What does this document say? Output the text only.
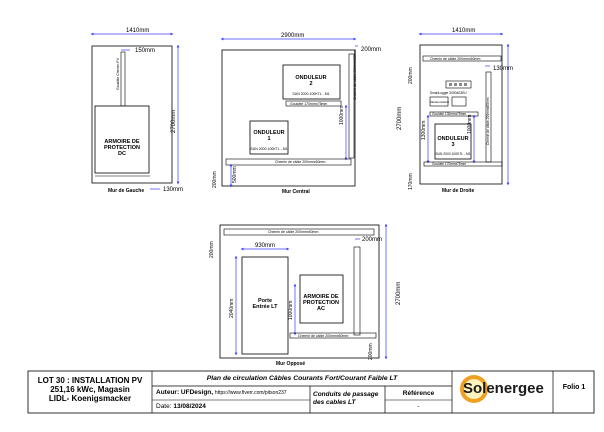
1410mm
150mm
Goulotte Chemin PV
ARMOIRE DE
PROTECTION
DC
2700mm
130mm
Mur de Gauche
2900mm
200mm
Chemin de câble 200mmx60mm
ONDULEUR
2
SUN 2000 100KTL - M1
Goulotte 170mmx75mm
1000mm
ONDULEUR
1
SUN 2000 100KTL - M1
Chemin de câble 200mmx60mm
500mm
200mm
Mur Central
1410mm
Chemin de câble 200mmx60mm
130mm
200mm
SmartLogger 3000A03EU
Modem/switch
Goulotte 130mmx75mm
1300mm ONDULEUR
3
SUN 2000 100KTL - M1
1000mm	Chemin de câble 200mmx60mm
Goulotte 170mmx75mm
2700mm
170mm
Mur de Droite
Chemin de câble 200mmx60mm
200mm
200mm	930mm
Porte
Entrée LT
2040mm
ARMOIRE DE
PROTECTION
AC
1000mm
Chemin de câble 200mmx60mm
2700mm
200mm
Mur Opposé
LOT 30 : INSTALLATION PV
251,16 kWc, Magasin
LIDL- Koenigsmacker
Plan de circulation Câbles Courants Fort/Courant Faible LT
Auteur: UFDesign, https://www.fiverr.com/pitson237
Date: 13/08/2024
Conduits de passage
des cables LT
Référence
-
Solenergee	Folio 1
